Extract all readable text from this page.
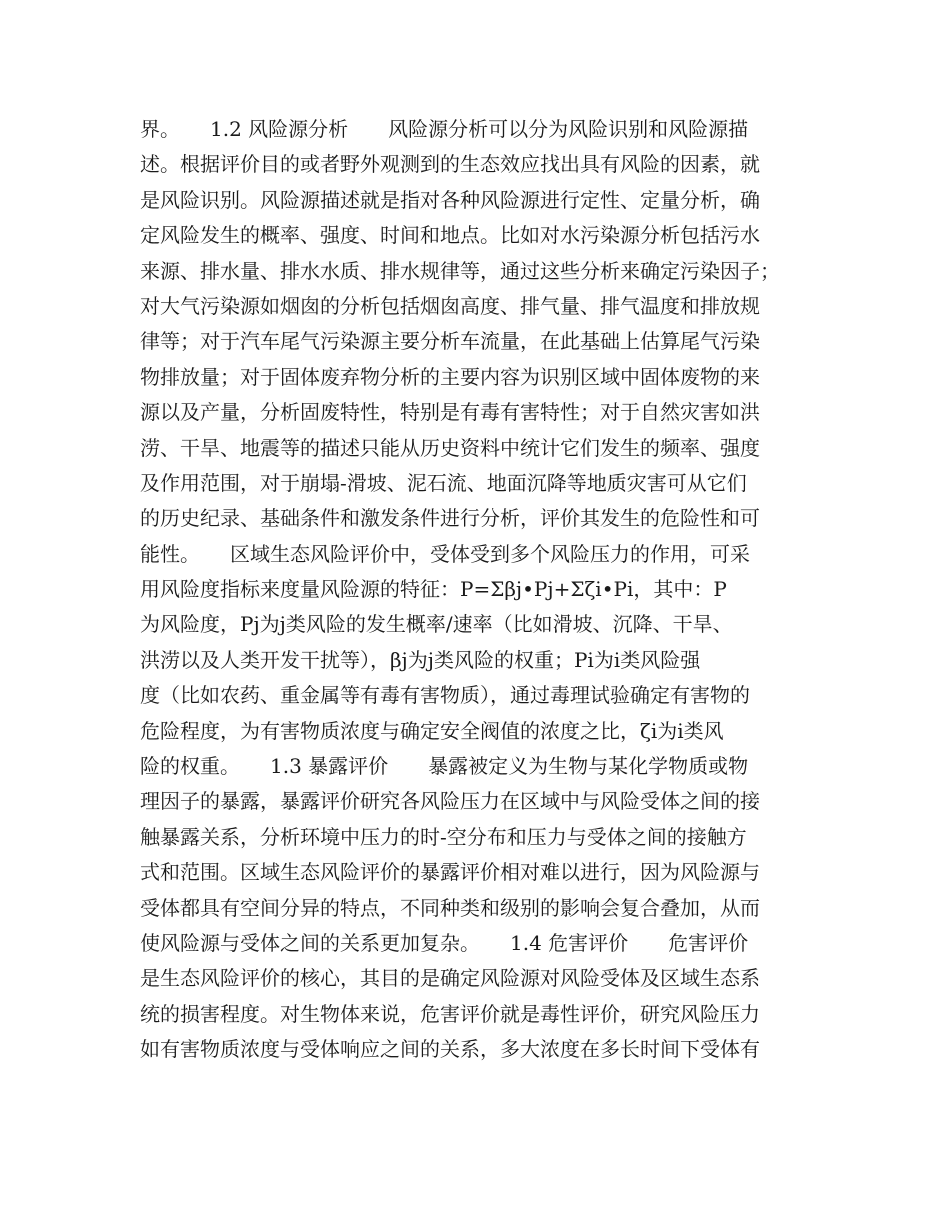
界。　　1.2 风险源分析　　风险源分析可以分为风险识别和风险源描
述。根据评价目的或者野外观测到的生态效应找出具有风险的因素，就
是风险识别。风险源描述就是指对各种风险源进行定性、定量分析，确
定风险发生的概率、强度、时间和地点。比如对水污染源分析包括污水
来源、排水量、排水水质、排水规律等，通过这些分析来确定污染因子；
对大气污染源如烟囱的分析包括烟囱高度、排气量、排气温度和排放规
律等；对于汽车尾气污染源主要分析车流量，在此基础上估算尾气污染
物排放量；对于固体废弃物分析的主要内容为识别区域中固体废物的来
源以及产量，分析固废特性，特别是有毒有害特性；对于自然灾害如洪
涝、干旱、地震等的描述只能从历史资料中统计它们发生的频率、强度
及作用范围，对于崩塌-滑坡、泥石流、地面沉降等地质灾害可从它们
的历史纪录、基础条件和激发条件进行分析，评价其发生的危险性和可
能性。　　区域生态风险评价中，受体受到多个风险压力的作用，可采
用风险度指标来度量风险源的特征：P=Σβj•Pj+Σζi•Pi，其中：P
为风险度，Pj为j类风险的发生概率/速率（比如滑坡、沉降、干旱、
洪涝以及人类开发干扰等），βj为j类风险的权重；Pi为i类风险强
度（比如农药、重金属等有毒有害物质），通过毒理试验确定有害物的
危险程度，为有害物质浓度与确定安全阀值的浓度之比，ζi为i类风
险的权重。　　1.3 暴露评价　　暴露被定义为生物与某化学物质或物
理因子的暴露，暴露评价研究各风险压力在区域中与风险受体之间的接
触暴露关系，分析环境中压力的时-空分布和压力与受体之间的接触方
式和范围。区域生态风险评价的暴露评价相对难以进行，因为风险源与
受体都具有空间分异的特点，不同种类和级别的影响会复合叠加，从而
使风险源与受体之间的关系更加复杂。　　1.4 危害评价　　危害评价
是生态风险评价的核心，其目的是确定风险源对风险受体及区域生态系
统的损害程度。对生物体来说，危害评价就是毒性评价，研究风险压力
如有害物质浓度与受体响应之间的关系，多大浓度在多长时间下受体有
